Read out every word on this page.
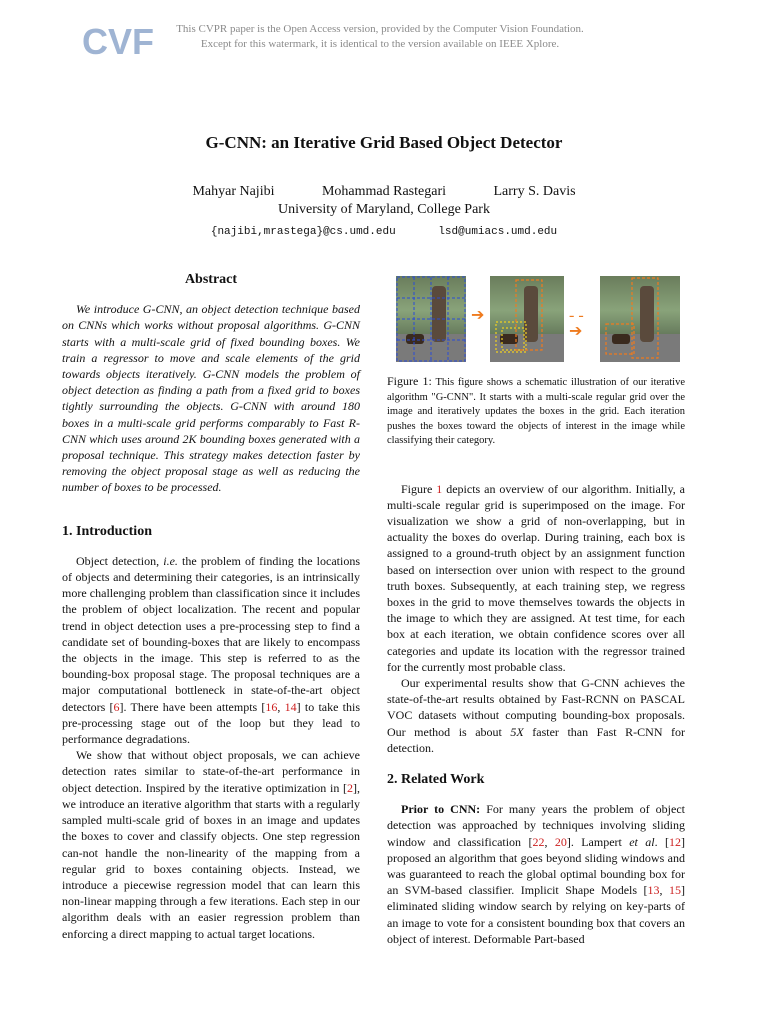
CVF	This CVPR paper is the Open Access version, provided by the Computer Vision Foundation.
Except for this watermark, it is identical to the version available on IEEE Xplore.
G-CNN: an Iterative Grid Based Object Detector
Mahyar Najibi	Mohammad Rastegari	Larry S. Davis
University of Maryland, College Park
{najibi,mrastega}@cs.umd.edu	lsd@umiacs.umd.edu
Abstract

We introduce G-CNN, an object detection technique based on CNNs which works without proposal algorithms. G-CNN starts with a multi-scale grid of fixed bounding boxes. We train a regressor to move and scale elements of the grid towards objects iteratively. G-CNN models the problem of object detection as finding a path from a fixed grid to boxes tightly surrounding the objects. G-CNN with around 180 boxes in a multi-scale grid performs comparably to Fast R-CNN which uses around 2K bounding boxes generated with a proposal technique. This strategy makes detection faster by removing the object proposal stage as well as reducing the number of boxes to be processed.

1. Introduction

Object detection, i.e. the problem of finding the locations of objects and determining their categories, is an intrinsically more challenging problem than classification since it includes the problem of object localization. The recent and popular trend in object detection uses a pre-processing step to find a candidate set of bounding-boxes that are likely to encompass the objects in the image. This step is referred to as the bounding-box proposal stage. The proposal techniques are a major computational bottleneck in state-of-the-art object detectors [6]. There have been attempts [16, 14] to take this pre-processing stage out of the loop but they lead to performance degradations.

We show that without object proposals, we can achieve detection rates similar to state-of-the-art performance in object detection. Inspired by the iterative optimization in [2], we introduce an iterative algorithm that starts with a regularly sampled multi-scale grid of boxes in an image and updates the boxes to cover and classify objects. One step regression can-not handle the non-linearity of the mapping from a regular grid to boxes containing objects. Instead, we introduce a piecewise regression model that can learn this non-linear mapping through a few iterations. Each step in our algorithm deals with an easier regression problem than enforcing a direct mapping to actual target locations.

➔	- - ➔
Figure 1: This figure shows a schematic illustration of our iterative algorithm "G-CNN". It starts with a multi-scale regular grid over the image and iteratively updates the boxes in the grid. Each iteration pushes the boxes toward the objects of interest in the image while classifying their category.

Figure 1 depicts an overview of our algorithm. Initially, a multi-scale regular grid is superimposed on the image. For visualization we show a grid of non-overlapping, but in actuality the boxes do overlap. During training, each box is assigned to a ground-truth object by an assignment function based on intersection over union with respect to the ground truth boxes. Subsequently, at each training step, we regress boxes in the grid to move themselves towards the objects in the image to which they are assigned. At test time, for each box at each iteration, we obtain confidence scores over all categories and update its location with the regressor trained for the currently most probable class.

Our experimental results show that G-CNN achieves the state-of-the-art results obtained by Fast-RCNN on PASCAL VOC datasets without computing bounding-box proposals. Our method is about 5X faster than Fast R-CNN for detection.

2. Related Work

Prior to CNN: For many years the problem of object detection was approached by techniques involving sliding window and classification [22, 20]. Lampert et al. [12] proposed an algorithm that goes beyond sliding windows and was guaranteed to reach the global optimal bounding box for an SVM-based classifier. Implicit Shape Models [13, 15] eliminated sliding window search by relying on key-parts of an image to vote for a consistent bounding box that covers an object of interest. Deformable Part-based
